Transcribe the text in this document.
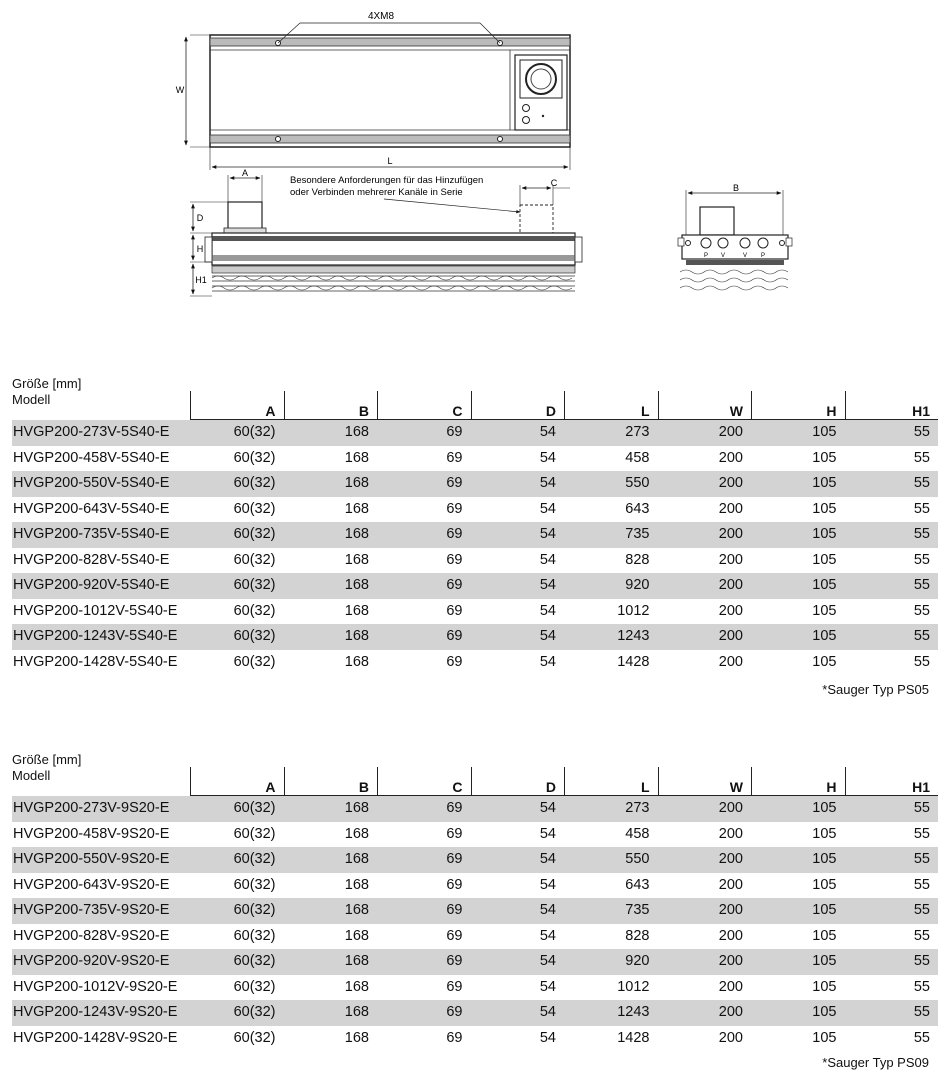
4XM8
W
L
A
C
Besondere Anforderungen für das Hinzufügen
oder Verbinden mehrerer Kanäle in Serie
D
H
H1
B
P V	V P
Größe [mm]
Modell
A	B	C	D	L	W	H	H1
HVGP200-273V-5S40-E	60(32)	168	69	54	273	200	105	55
HVGP200-458V-5S40-E	60(32)	168	69	54	458	200	105	55
HVGP200-550V-5S40-E	60(32)	168	69	54	550	200	105	55
HVGP200-643V-5S40-E	60(32)	168	69	54	643	200	105	55
HVGP200-735V-5S40-E	60(32)	168	69	54	735	200	105	55
HVGP200-828V-5S40-E	60(32)	168	69	54	828	200	105	55
HVGP200-920V-5S40-E	60(32)	168	69	54	920	200	105	55
HVGP200-1012V-5S40-E	60(32)	168	69	54	1012	200	105	55
HVGP200-1243V-5S40-E	60(32)	168	69	54	1243	200	105	55
HVGP200-1428V-5S40-E	60(32)	168	69	54	1428	200	105	55
*Sauger Typ PS05
Größe [mm]
Modell
A	B	C	D	L	W	H	H1
HVGP200-273V-9S20-E	60(32)	168	69	54	273	200	105	55
HVGP200-458V-9S20-E	60(32)	168	69	54	458	200	105	55
HVGP200-550V-9S20-E	60(32)	168	69	54	550	200	105	55
HVGP200-643V-9S20-E	60(32)	168	69	54	643	200	105	55
HVGP200-735V-9S20-E	60(32)	168	69	54	735	200	105	55
HVGP200-828V-9S20-E	60(32)	168	69	54	828	200	105	55
HVGP200-920V-9S20-E	60(32)	168	69	54	920	200	105	55
HVGP200-1012V-9S20-E	60(32)	168	69	54	1012	200	105	55
HVGP200-1243V-9S20-E	60(32)	168	69	54	1243	200	105	55
HVGP200-1428V-9S20-E	60(32)	168	69	54	1428	200	105	55
*Sauger Typ PS09
